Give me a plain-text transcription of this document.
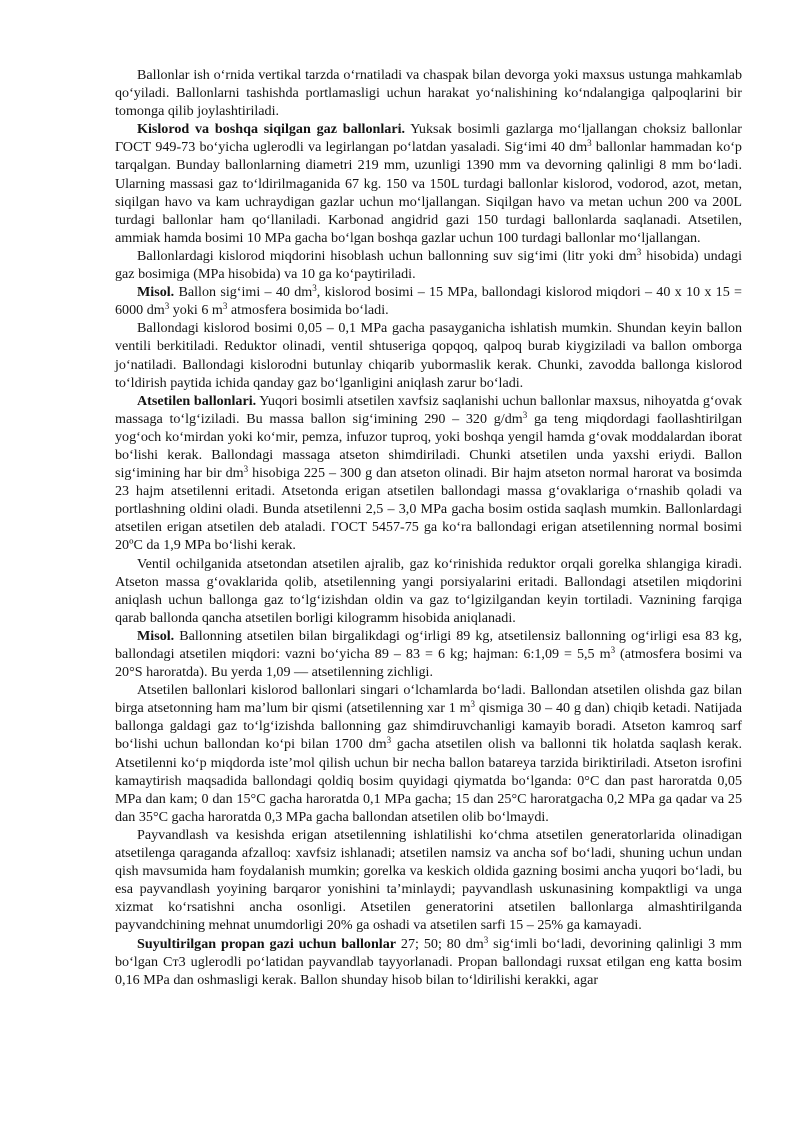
Ballonlar ish o‘rnida vertikal tarzda o‘rnatiladi va chaspak bilan devorga yoki maxsus ustunga mahkamlab qo‘yiladi. Ballonlarni tashishda portlamasligi uchun harakat yo‘nalishining ko‘ndalangiga qalpoqlarini bir tomonga qilib joylashtiriladi.

Kislorod va boshqa siqilgan gaz ballonlari. Yuksak bosimli gazlarga mo‘ljallangan choksiz ballonlar ГОСТ 949-73 bo‘yicha uglerodli va legirlangan po‘latdan yasaladi. Sig‘imi 40 $dm^3$ ballonlar hammadan ko‘p tarqalgan. Bunday ballonlarning diametri 219 mm, uzunligi 1390 mm va devorning qalinligi 8 mm bo‘ladi. Ularning massasi gaz to‘ldirilmaganida 67 kg. 150 va 150L turdagi ballonlar kislorod, vodorod, azot, metan, siqilgan havo va kam uchraydigan gazlar uchun mo‘ljallangan. Siqilgan havo va metan uchun 200 va 200L turdagi ballonlar ham qo‘llaniladi. Karbonad angidrid gazi 150 turdagi ballonlarda saqlanadi. Atsetilen, ammiak hamda bosimi 10 MPa gacha bo‘lgan boshqa gazlar uchun 100 turdagi ballonlar mo‘ljallangan.

Ballonlardagi kislorod miqdorini hisoblash uchun ballonning suv sig‘imi (litr yoki $dm^3$ hisobida) undagi gaz bosimiga (MPa hisobida) va 10 ga ko‘paytiriladi.

Misol. Ballon sig‘imi – 40 $dm^3$, kislorod bosimi – 15 MPa, ballondagi kislorod miqdori – 40 x 10 x 15 = 6000 $dm^3$ yoki 6 $m^3$ atmosfera bosimida bo‘ladi.

Ballondagi kislorod bosimi 0,05 – 0,1 MPa gacha pasayganicha ishlatish mumkin. Shundan keyin ballon ventili berkitiladi. Reduktor olinadi, ventil shtuseriga qopqoq, qalpoq burab kiygiziladi va ballon omborga jo‘natiladi. Ballondagi kislorodni butunlay chiqarib yubormaslik kerak. Chunki, zavodda ballonga kislorod to‘ldirish paytida ichida qanday gaz bo‘lganligini aniqlash zarur bo‘ladi.

Atsetilen ballonlari. Yuqori bosimli atsetilen xavfsiz saqlanishi uchun ballonlar maxsus, nihoyatda g‘ovak massaga to‘lg‘iziladi. Bu massa ballon sig‘imining 290 – 320 $g/dm^3$ ga teng miqdordagi faollashtirilgan yog‘och ko‘mirdan yoki ko‘mir, pemza, infuzor tuproq, yoki boshqa yengil hamda g‘ovak moddalardan iborat bo‘lishi kerak. Ballondagi massaga atseton shimdiriladi. Chunki atsetilen unda yaxshi eriydi. Ballon sig‘imining har bir $dm^3$ hisobiga 225 – 300 g dan atseton olinadi. Bir hajm atseton normal harorat va bosimda 23 hajm atsetilenni eritadi. Atsetonda erigan atsetilen ballondagi massa g‘ovaklariga o‘rnashib qoladi va portlashning oldini oladi. Bunda atsetilenni 2,5 – 3,0 MPa gacha bosim ostida saqlash mumkin. Ballonlardagi atsetilen erigan atsetilen deb ataladi. ГОСТ 5457-75 ga ko‘ra ballondagi erigan atsetilenning normal bosimi 20ºC da 1,9 MPa bo‘lishi kerak.

Ventil ochilganida atsetondan atsetilen ajralib, gaz ko‘rinishida reduktor orqali gorelka shlangiga kiradi. Atseton massa g‘ovaklarida qolib, atsetilenning yangi porsiyalarini eritadi. Ballondagi atsetilen miqdorini aniqlash uchun ballonga gaz to‘lg‘izishdan oldin va gaz to‘lgizilgandan keyin tortiladi. Vaznining farqiga qarab ballonda qancha atsetilen borligi kilogramm hisobida aniqlanadi.

Misol. Ballonning atsetilen bilan birgalikdagi og‘irligi 89 kg, atsetilensiz ballonning og‘irligi esa 83 kg, ballondagi atsetilen miqdori: vazni bo‘yicha 89 – 83 = 6 kg; hajman: 6:1,09 = 5,5 $m^3$ (atmosfera bosimi va 20°S haroratda). Bu yerda 1,09 — atsetilenning zichligi.

Atsetilen ballonlari kislorod ballonlari singari o‘lchamlarda bo‘ladi. Ballondan atsetilen olishda gaz bilan birga atsetonning ham ma’lum bir qismi (atsetilenning xar 1 $m^3$ qismiga 30 – 40 g dan) chiqib ketadi. Natijada ballonga galdagi gaz to‘lg‘izishda ballonning gaz shimdiruvchanligi kamayib boradi. Atseton kamroq sarf bo‘lishi uchun ballondan ko‘pi bilan 1700 $dm^3$ gacha atsetilen olish va ballonni tik holatda saqlash kerak. Atsetilenni ko‘p miqdorda iste’mol qilish uchun bir necha ballon batareya tarzida biriktiriladi. Atseton isrofini kamaytirish maqsadida ballondagi qoldiq bosim quyidagi qiymatda bo‘lganda: 0°C dan past haroratda 0,05 MPa dan kam; 0 dan 15°C gacha haroratda 0,1 MPa gacha; 15 dan 25°C haroratgacha 0,2 MPa ga qadar va 25 dan 35°C gacha haroratda 0,3 MPa gacha ballondan atsetilen olib bo‘lmaydi.

Payvandlash va kesishda erigan atsetilenning ishlatilishi ko‘chma atsetilen generatorlarida olinadigan atsetilenga qaraganda afzalloq: xavfsiz ishlanadi; atsetilen namsiz va ancha sof bo‘ladi, shuning uchun undan qish mavsumida ham foydalanish mumkin; gorelka va keskich oldida gazning bosimi ancha yuqori bo‘ladi, bu esa payvandlash yoyining barqaror yonishini ta’minlaydi; payvandlash uskunasining kompaktligi va unga xizmat ko‘rsatishni ancha osonligi. Atsetilen generatorini atsetilen ballonlarga almashtirilganda payvandchining mehnat unumdorligi 20% ga oshadi va atsetilen sarfi 15 – 25% ga kamayadi.

Suyultirilgan propan gazi uchun ballonlar 27; 50; 80 $dm^3$ sig‘imli bo‘ladi, devorining qalinligi 3 mm bo‘lgan Cт3 uglerodli po‘latidan payvandlab tayyorlanadi. Propan ballondagi ruxsat etilgan eng katta bosim 0,16 MPa dan oshmasligi kerak. Ballon shunday hisob bilan to‘ldirilishi kerakki, agar
